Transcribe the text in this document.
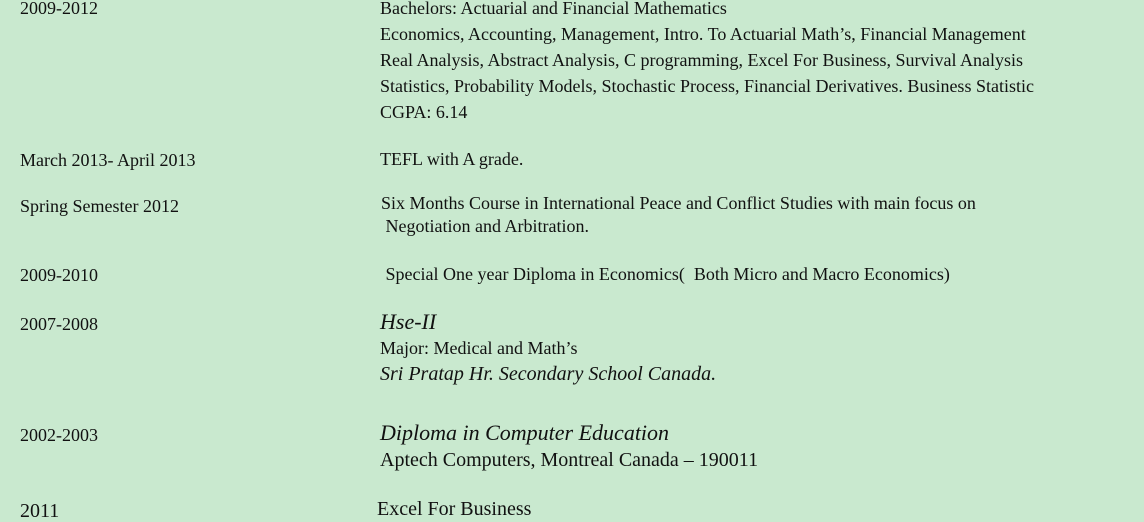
2009-2012	Bachelors: Actuarial and Financial Mathematics
Economics, Accounting, Management, Intro. To Actuarial Math’s, Financial Management
Real Analysis, Abstract Analysis, C programming, Excel For Business, Survival Analysis
Statistics, Probability Models, Stochastic Process, Financial Derivatives. Business Statistic
CGPA: 6.14
March 2013- April 2013	TEFL with A grade.
Spring Semester 2012	Six Months Course in International Peace and Conflict Studies with main focus on
Negotiation and Arbitration.
2009-2010	Special One year Diploma in Economics(  Both Micro and Macro Economics)
2007-2008	Hse-II
Major: Medical and Math’s
Sri Pratap Hr. Secondary School Canada.
2002-2003	Diploma in Computer Education
Aptech Computers, Montreal Canada – 190011
2011	Excel For Business
